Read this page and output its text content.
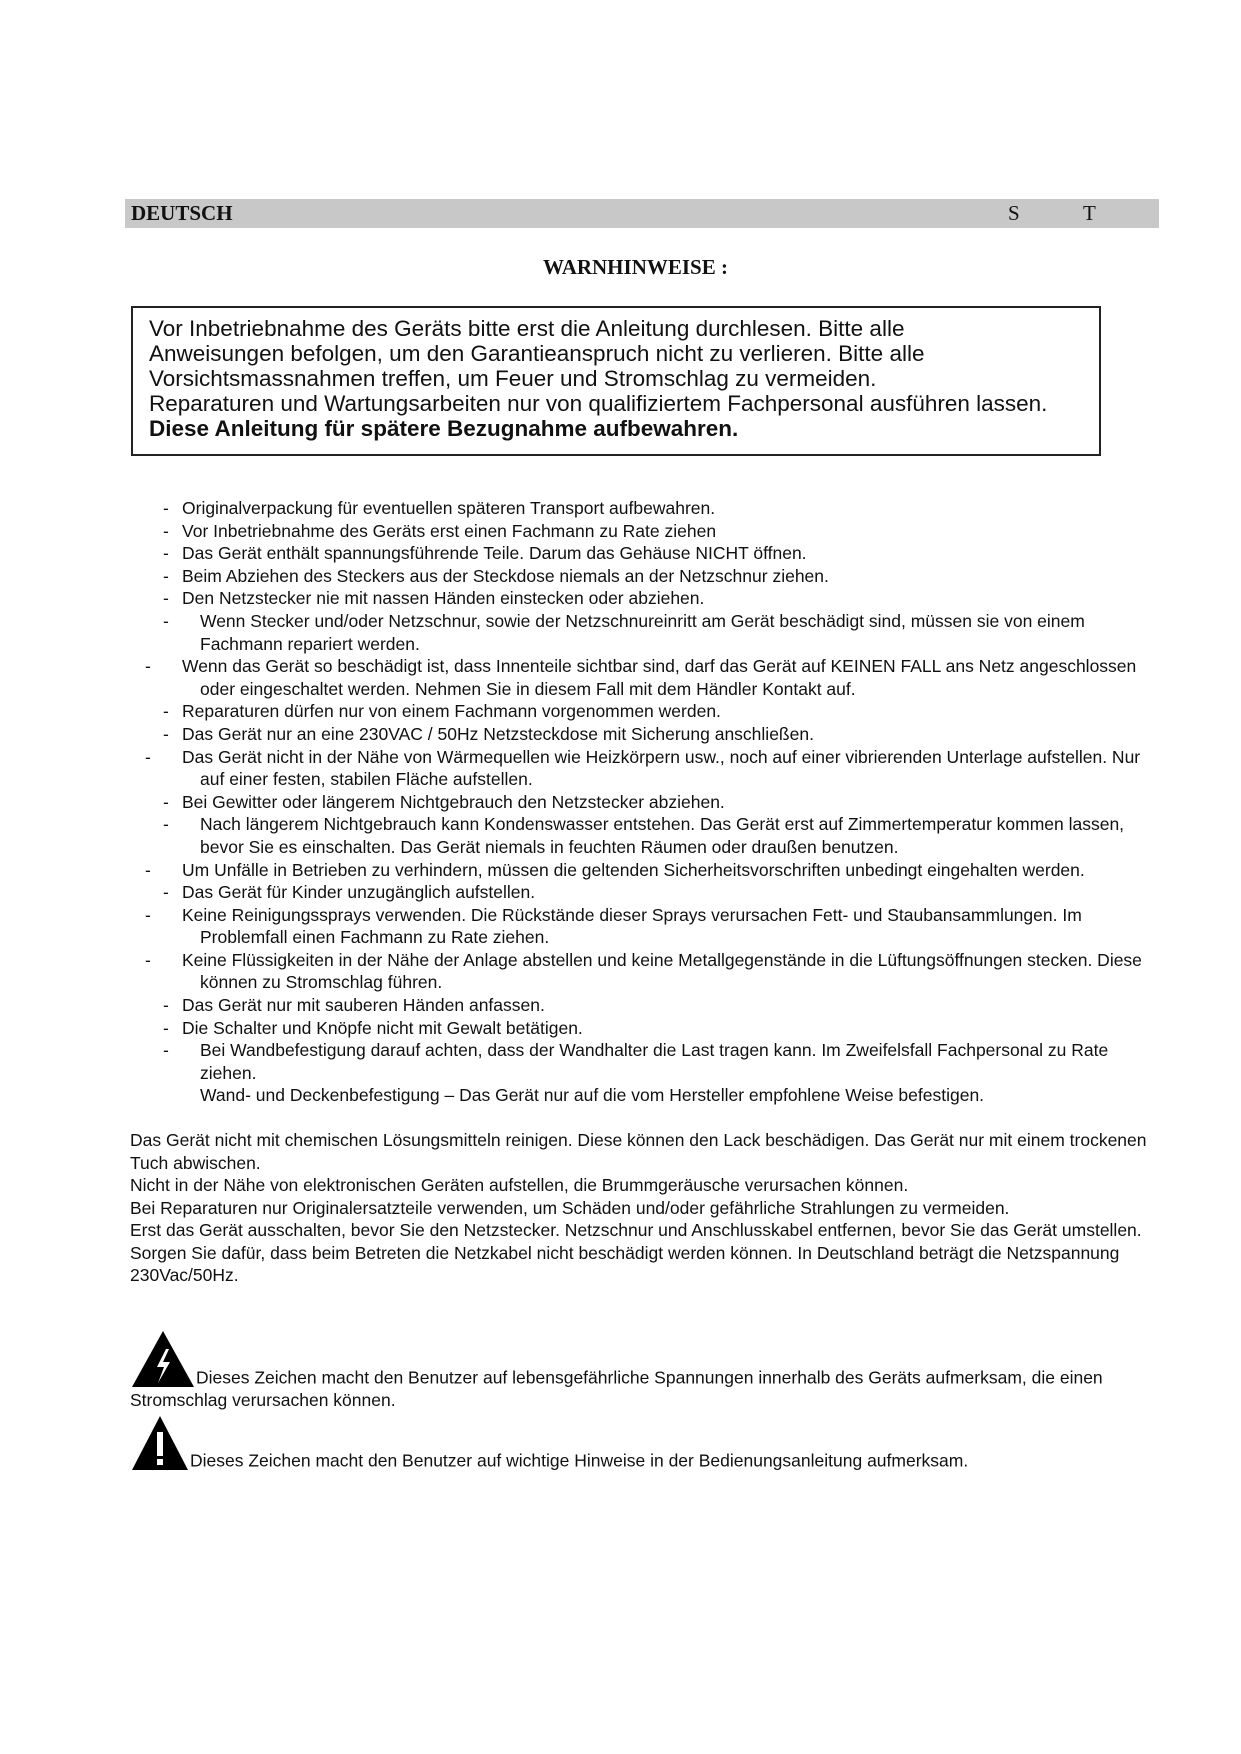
DEUTSCH	S	T
WARNHINWEISE :

Vor Inbetriebnahme des Geräts bitte erst die Anleitung durchlesen. Bitte alle

Anweisungen befolgen, um den Garantieanspruch nicht zu verlieren. Bitte alle

Vorsichtsmassnahmen treffen, um Feuer und Stromschlag zu vermeiden.

Reparaturen und Wartungsarbeiten nur von qualifiziertem Fachpersonal ausführen lassen.

Diese Anleitung für spätere Bezugnahme aufbewahren.

- Originalverpackung für eventuellen späteren Transport aufbewahren.
- Vor Inbetriebnahme des Geräts erst einen Fachmann zu Rate ziehen
- Das Gerät enthält spannungsführende Teile. Darum das Gehäuse NICHT öffnen.
- Beim Abziehen des Steckers aus der Steckdose niemals an der Netzschnur ziehen.
- Den Netzstecker nie mit nassen Händen einstecken oder abziehen.
- Wenn Stecker und/oder Netzschnur, sowie der Netzschnureinritt am Gerät beschädigt sind, müssen sie von einem Fachmann repariert werden.
- Wenn das Gerät so beschädigt ist, dass Innenteile sichtbar sind, darf das Gerät auf KEINEN FALL ans Netz angeschlossen oder eingeschaltet werden. Nehmen Sie in diesem Fall mit dem Händler Kontakt auf.
- Reparaturen dürfen nur von einem Fachmann vorgenommen werden.
- Das Gerät nur an eine 230VAC / 50Hz Netzsteckdose mit Sicherung anschließen.
- Das Gerät nicht in der Nähe von Wärmequellen wie Heizkörpern usw., noch auf einer vibrierenden Unterlage aufstellen. Nur auf einer festen, stabilen Fläche aufstellen.
- Bei Gewitter oder längerem Nichtgebrauch den Netzstecker abziehen.
- Nach längerem Nichtgebrauch kann Kondenswasser entstehen. Das Gerät erst auf Zimmertemperatur kommen lassen, bevor Sie es einschalten. Das Gerät niemals in feuchten Räumen oder draußen benutzen.
- Um Unfälle in Betrieben zu verhindern, müssen die geltenden Sicherheitsvorschriften unbedingt eingehalten werden.
- Das Gerät für Kinder unzugänglich aufstellen.
- Keine Reinigungssprays verwenden. Die Rückstände dieser Sprays verursachen Fett- und Staubansammlungen. Im Problemfall einen Fachmann zu Rate ziehen.
- Keine Flüssigkeiten in der Nähe der Anlage abstellen und keine Metallgegenstände in die Lüftungsöffnungen stecken. Diese können zu Stromschlag führen.
- Das Gerät nur mit sauberen Händen anfassen.
- Die Schalter und Knöpfe nicht mit Gewalt betätigen.
- Bei Wandbefestigung darauf achten, dass der Wandhalter die Last tragen kann. Im Zweifelsfall Fachpersonal zu Rate ziehen.
Wand- und Deckenbefestigung – Das Gerät nur auf die vom Hersteller empfohlene Weise befestigen.

Das Gerät nicht mit chemischen Lösungsmitteln reinigen. Diese können den Lack beschädigen. Das Gerät nur mit einem trockenen Tuch abwischen.

Nicht in der Nähe von elektronischen Geräten aufstellen, die Brummgeräusche verursachen können.

Bei Reparaturen nur Originalersatzteile verwenden, um Schäden und/oder gefährliche Strahlungen zu vermeiden.

Erst das Gerät ausschalten, bevor Sie den Netzstecker. Netzschnur und Anschlusskabel entfernen, bevor Sie das Gerät umstellen.

Sorgen Sie dafür, dass beim Betreten die Netzkabel nicht beschädigt werden können. In Deutschland beträgt die Netzspannung 230Vac/50Hz.

Dieses Zeichen macht den Benutzer auf lebensgefährliche Spannungen innerhalb des Geräts aufmerksam, die einen Stromschlag verursachen können.
Dieses Zeichen macht den Benutzer auf wichtige Hinweise in der Bedienungsanleitung aufmerksam.
